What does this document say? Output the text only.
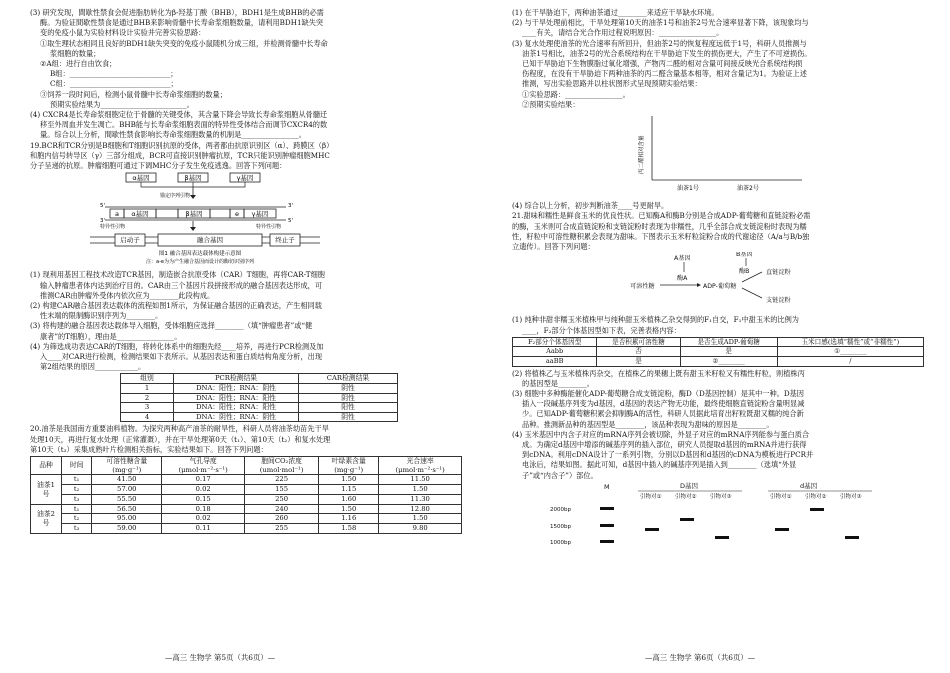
(3) 研究发现，間歇性禁食会促进脂肪转化为β-羟基丁酸（BHB），BDH1是生成BHB的必需

酶。为验证間歇性禁食是通过BHB来影响骨髓中长寿命浆细胞数量，请利用BDH1缺失突

变的免疫小鼠为实验材料设计实验并完善实验思路：

①取生理状态相同且良好的BDH1缺失突变的免疫小鼠随机分成三组，并检测骨髓中长寿命

浆细胞的数量；

②A组：进行自由饮食；

B组：____________________________；

C组：____________________________；

③饲养一段时间后，检测小鼠骨髓中长寿命浆细胞的数量；

预期实验结果为________________________。

(4) CXCR4是长寿命浆细胞定位于骨髓的关键受体，其含量下降会导致长寿命浆细胞从骨髓迁

移至外周血并发生凋亡。BHB能与长寿命浆细胞表面的特异性受体结合而调节CXCR4的数

量。综合以上分析，間歇性禁食影响长寿命浆细胞数量的机制是________________。

19.BCR和TCR分别是B细胞和T细胞识别抗原的受体，两者都由抗原识别区（α）、跨膜区（β）

和胞内信号转导区（γ）三部分组成，BCR可直接识别肿瘤抗原，TCR只能识别肿瘤细胞MHC

分子呈递的抗原。肿瘤细胞可通过下调MHC分子发生免疫逃逸。回答下列问题：

α基因	β基因	γ基因
锚定序列引物
5'	3'
a α基因	β基因	e γ基因
3'	5'
特异性引物	特异性引物
启动子	融合基因	终止子
图1 融合基因表达载体构建示意图
注：a-e为为产生融合基因而设计的酶切识别序列

(1) 现利用基因工程技术改造TCR基因，制造嵌合抗原受体（CAR）T细胞，再将CAR-T细胞

输入肿瘤患者体内达到治疗目的。CAR由三个基因片段拼接形成的融合基因表达形成，可

推测CAR由肿瘤外受体内依次应为________此段构成。

(2) 构建CAR融合基因表达载体的流程如图1所示，为保证融合基因的正确表达，产生相同载

性末端的限制酶识别序列为________。

(3) 将构建的融合基因表达载体导入细胞，受体细胞应选择________（填“肿瘤患者”或“健

康者”的T细胞），理由是________________。

(4) 为筛选成功表达CAR的T细胞，将转化体系中的细胞先经____培养，再进行PCR检测及加

入____对CAR进行检测，检测结果如下表所示。从基因表达和蛋白质结构角度分析，出现

第2组结果的原因____________。

组别	PCR检测结果	CAR检测结果
1	DNA：阳性；RNA：阴性	阴性
2	DNA：阳性；RNA：阳性	阴性
3	DNA：阳性；RNA：阳性	阳性
4	DNA：阴性；RNA：阴性	阴性

20.油茶是我国南方重要油料植物。为探究两种高产油茶的耐旱性，科研人员将油茶幼苗先干旱

处理10天，再进行复水处理（正常灌溉），并在干旱处理第0天（t₁）、第10天（t₂）和复水处理

第10天（t₃）采集成熟叶片检测相关指标，实验结果如下。回答下列问题：

品种	时间	可溶性糖含量	气孔导度	胞间CO₂浓度	叶绿素含量	光合速率
		(mg·g⁻¹)	(μmol·m⁻²·s⁻¹)	(umol·mol⁻¹)	(mg·g⁻¹)	(μmol·m⁻²·s⁻¹)
油茶1号	t₁	41.50	0.17	225	1.50	11.50
	t₂	57.00	0.02	155	1.15	1.50
	t₃	55.50	0.15	250	1.60	11.30
油茶2号	t₁	56.50	0.18	240	1.50	12.80
	t₂	95.00	0.02	260	1.16	1.50
	t₃	59.00	0.11	255	1.58	9.80
—高三 生物学 第5页（共6页）—

(1) 在干旱胁迫下，两种油茶通过________来适应干旱缺水环境。

(2) 与干旱处理前相比，干旱处理第10天的油茶1号和油茶2号光合速率显著下降，该现象均与

____有关，请结合光合作用过程说明原因：________________。

(3) 复水处理使油茶的光合速率有所回升，但油茶2号的恢复程度远低于1号，科研人员推测与

油茶1号相比，油茶2号的光合系统结构在干旱胁迫下发生的损伤更大，产生了不可逆损伤。

已知干旱胁迫下生物膜脂过氧化增强，产物丙二醛的相对含量可间接反映光合系统结构损

伤程度，在没有干旱胁迫下两种油茶的丙二醛含量基本相等，相对含量记为1。为验证上述

推测，写出实验思路并以柱状图形式呈现预期实验结果：

①实验思路：________________。

②预期实验结果：

丙二醛相对含量
油茶1号	油茶2号

(4) 综合以上分析，初步判断油茶____号更耐旱。

21.甜味和糯性是鲜食玉米的优良性状。已知酶A和酶B分别是合成ADP-葡萄糖和直链淀粉必需

的酶，玉米则可合成直链淀粉和支链淀粉时表现为非糯性，几乎全部合成支链淀粉时表现为糯

性，籽粒中可溶性糖积累会表现为甜味。下图表示玉米籽粒淀粉合成的代谢途径（A/a与B/b独

立遗传）。回答下列问题：

A基因
B基因
酶A
酶B
可溶性糖	ADP-葡萄糖
直链淀粉
支链淀粉

(1) 纯种非甜非糯玉米植株甲与纯种甜玉米植株乙杂交得到的F₁自交，F₁中甜玉米的比例为

____，F₂部分个体基因型如下表，完善表格内容：

F₂部分个体基因型	是否积累可溶性糖	是否生成ADP-葡萄糖	玉米口感(选填“糯性”或“非糯性”)
Aabb	否	是	①________
aaBB	是	②________	/

(2) 将植株乙与玉米植株丙杂交，在植株乙的果穗上既有甜玉米籽粒又有糯性籽粒，则植株丙

的基因型是________。

(3) 细胞中多种酶能催化ADP-葡萄糖合成支链淀粉，酶D（D基因控制）是其中一种。D基因

插入一段碱基序列变为d基因，d基因的表达产物无功能，最终使细胞直链淀粉含量明显减

少。已知ADP-葡萄糖积累会抑制酶A的活性，科研人员据此培育出籽粒既甜又糯的纯合新

品种。推测新品种的基因型是________，该品种表现为甜味的原因是________。

(4) 玉米基因中内含子对应的mRNA序列会被切除，外显子对应的mRNA序列能参与蛋白质合

成。为确定d基因中增添的碱基序列的插入部位，研究人员提取d基因的mRNA并进行获得

到cDNA。利用cDNA设计了一系列引物，分别以D基因和d基因的cDNA为模板进行PCR并

电泳后，结果如图。据此可知，d基因中插入的碱基序列是插入到________（选填“外显

子”或“内含子”）部位。

M	D基因	d基因
引物对① 引物对② 引物对③	引物对① 引物对② 引物对③
2000bp
1500bp
1000bp
—高三 生物学 第6页（共6页）—
